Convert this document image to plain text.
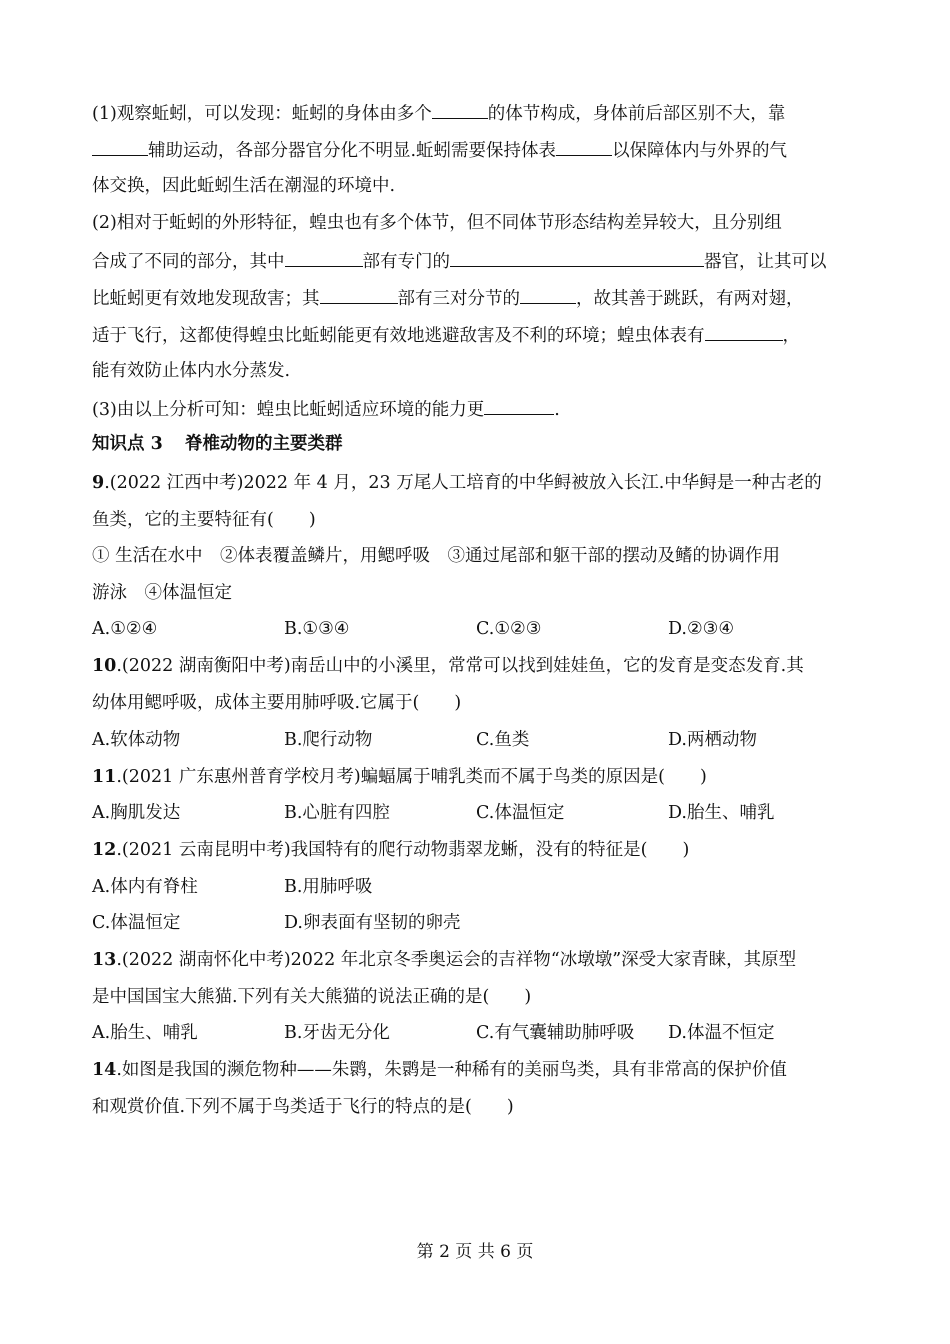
(1)观察蚯蚓，可以发现：蚯蚓的身体由多个	的体节构成，身体前后部区别不大，靠
辅助运动，各部分器官分化不明显.蚯蚓需要保持体表	以保障体内与外界的气
体交换，因此蚯蚓生活在潮湿的环境中.
(2)相对于蚯蚓的外形特征，蝗虫也有多个体节，但不同体节形态结构差异较大，且分别组
合成了不同的部分，其中	部有专门的	器官，让其可以
比蚯蚓更有效地发现敌害；其	部有三对分节的	，故其善于跳跃，有两对翅，
适于飞行，这都使得蝗虫比蚯蚓能更有效地逃避敌害及不利的环境；蝗虫体表有	，
能有效防止体内水分蒸发.
(3)由以上分析可知：蝗虫比蚯蚓适应环境的能力更	.
知识点 3 脊椎动物的主要类群
9.(2022 江西中考)2022 年 4 月，23 万尾人工培育的中华鲟被放入长江.中华鲟是一种古老的
鱼类，它的主要特征有(　　)
① 生活在水中　②体表覆盖鳞片，用鳃呼吸　③通过尾部和躯干部的摆动及鳍的协调作用
游泳　④体温恒定
A.①②④	B.①③④	C.①②③	D.②③④
10.(2022 湖南衡阳中考)南岳山中的小溪里，常常可以找到娃娃鱼，它的发育是变态发育.其
幼体用鳃呼吸，成体主要用肺呼吸.它属于(　　)
A.软体动物	B.爬行动物	C.鱼类	D.两栖动物
11.(2021 广东惠州普育学校月考)蝙蝠属于哺乳类而不属于鸟类的原因是(　　)
A.胸肌发达	B.心脏有四腔	C.体温恒定	D.胎生、哺乳
12.(2021 云南昆明中考)我国特有的爬行动物翡翠龙蜥，没有的特征是(　　)
A.体内有脊柱	B.用肺呼吸
C.体温恒定	D.卵表面有坚韧的卵壳
13.(2022 湖南怀化中考)2022 年北京冬季奥运会的吉祥物“冰墩墩”深受大家青睐，其原型
是中国国宝大熊猫.下列有关大熊猫的说法正确的是(　　)
A.胎生、哺乳	B.牙齿无分化	C.有气囊辅助肺呼吸 D.体温不恒定
14.如图是我国的濒危物种——朱鹮，朱鹮是一种稀有的美丽鸟类，具有非常高的保护价值
和观赏价值.下列不属于鸟类适于飞行的特点的是(　　)
第 2 页 共 6 页
